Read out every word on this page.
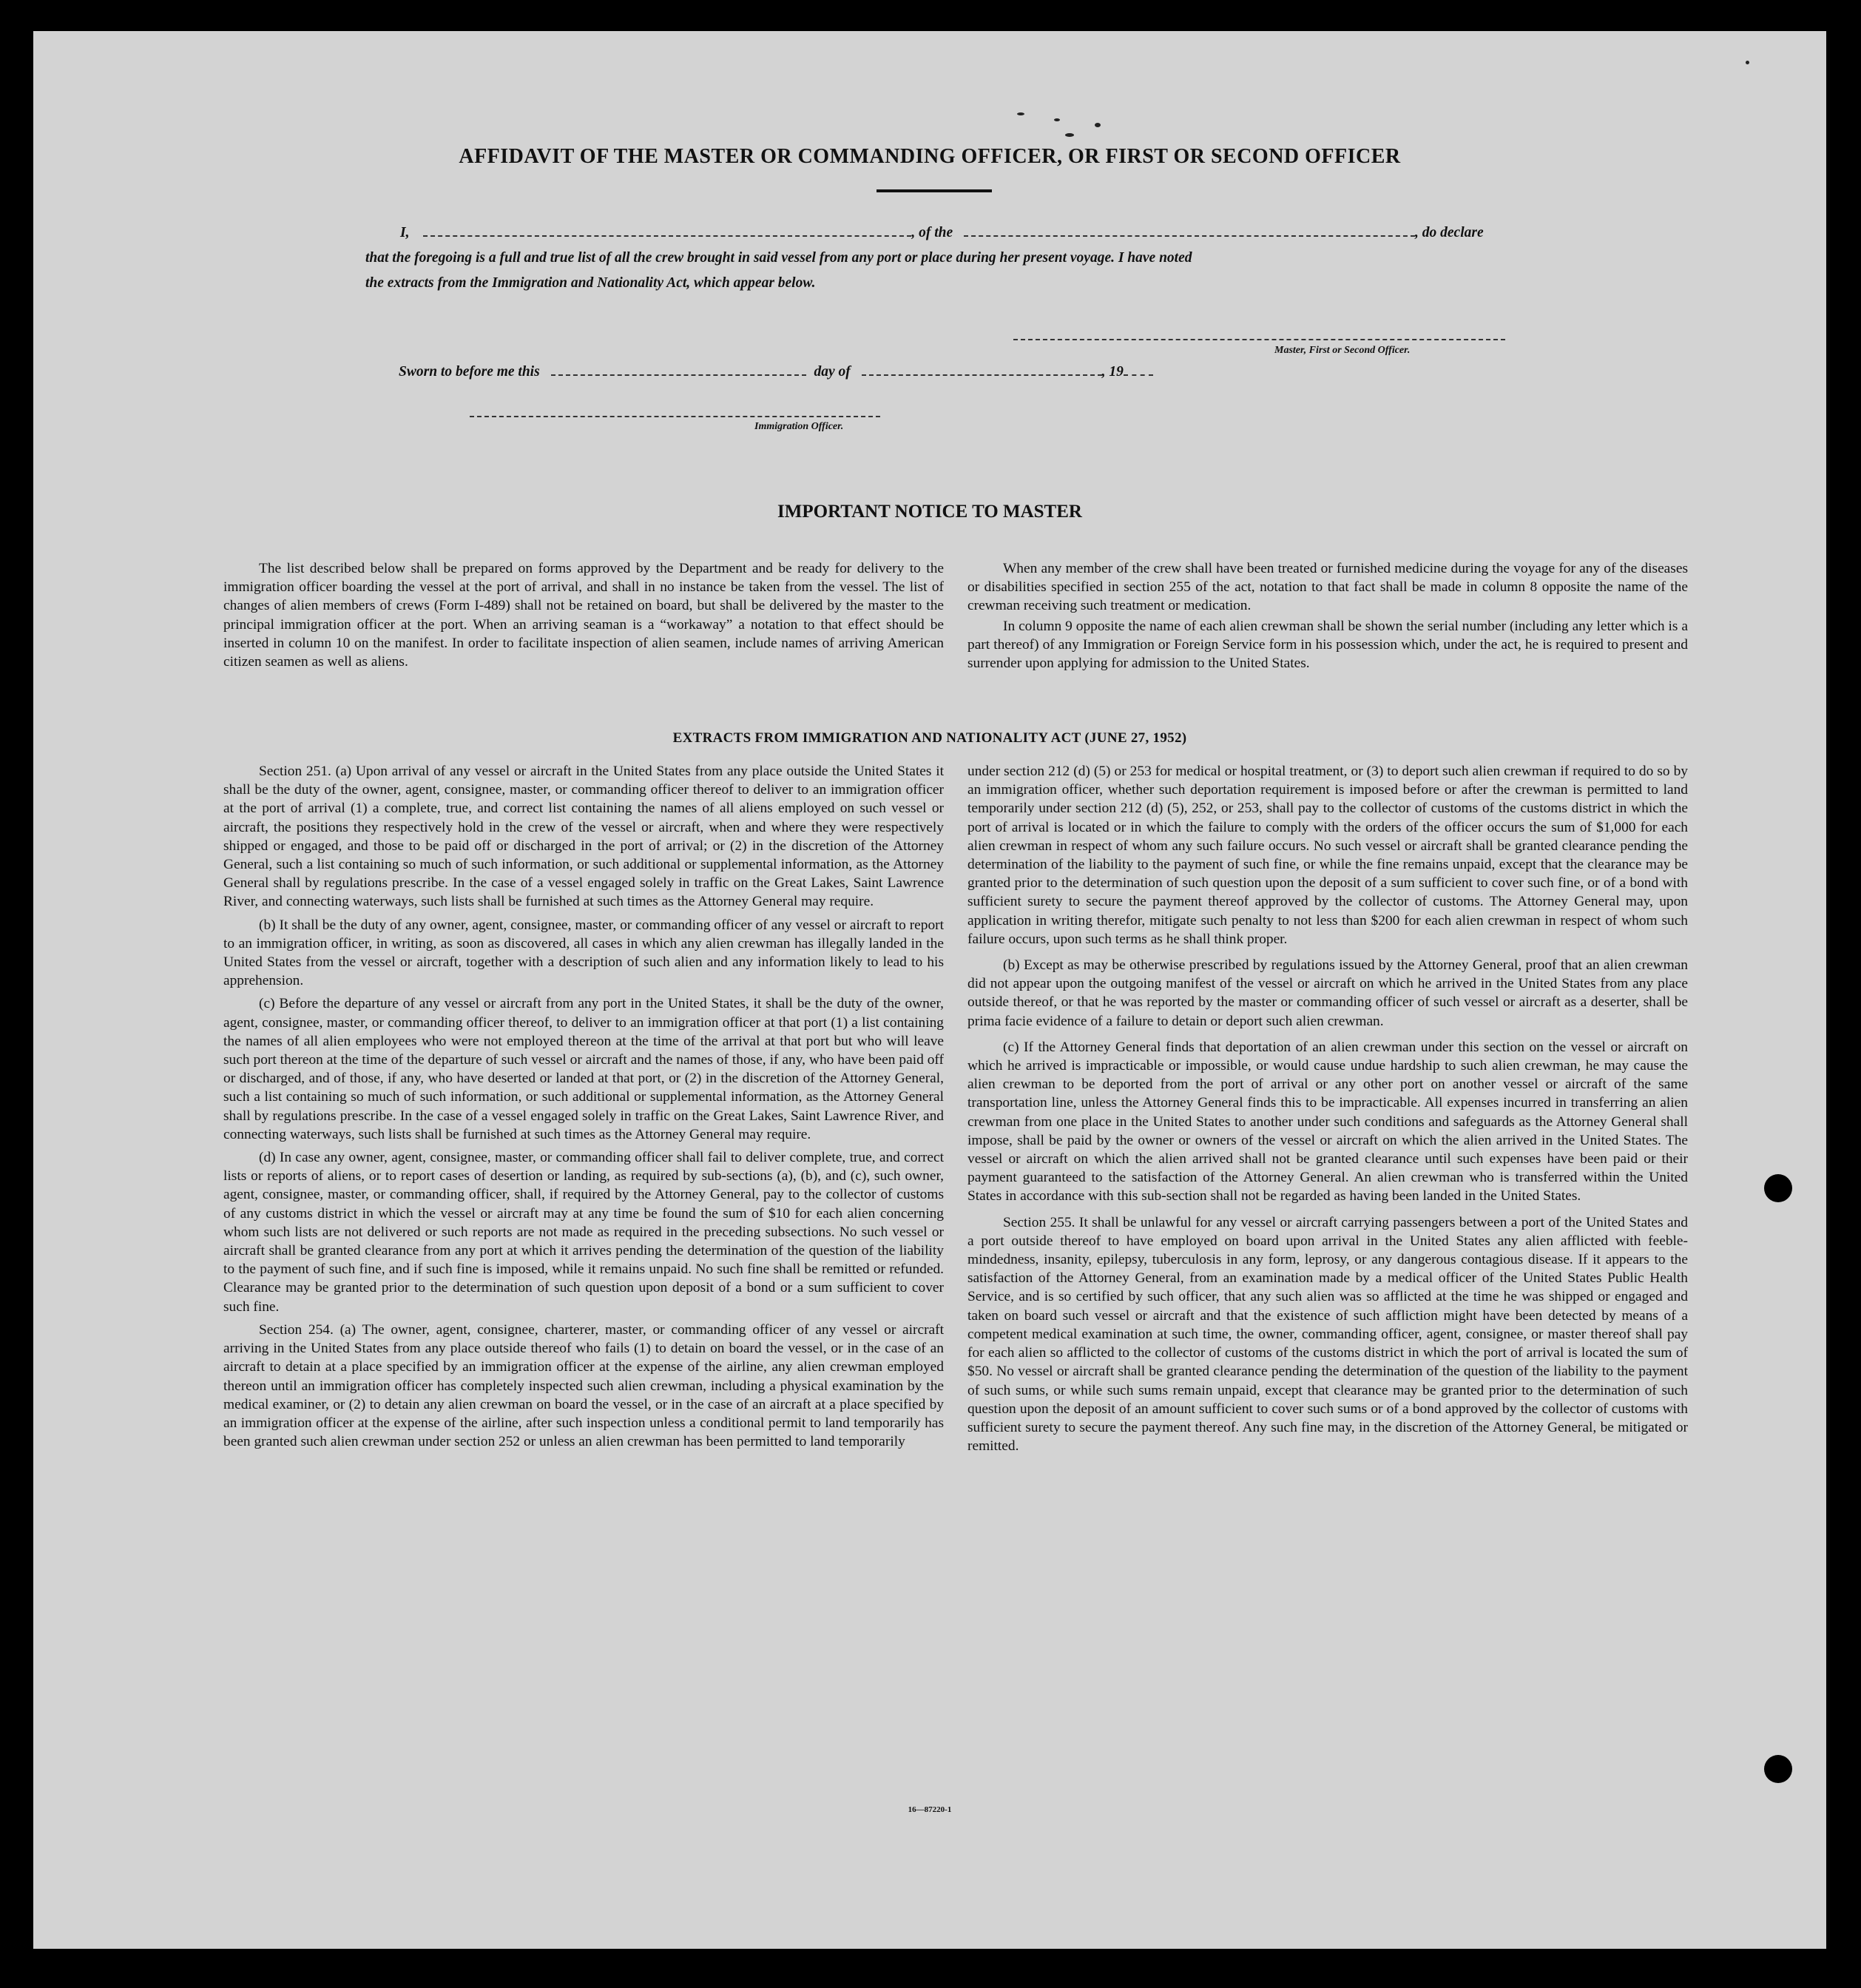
AFFIDAVIT OF THE MASTER OR COMMANDING OFFICER, OR FIRST OR SECOND OFFICER
I,	, of the	, do declare
that the foregoing is a full and true list of all the crew brought in said vessel from any port or place during her present voyage. I have noted
the extracts from the Immigration and Nationality Act, which appear below.
Master, First or Second Officer.
Sworn to before me this	day of	, 19
Immigration Officer.
IMPORTANT NOTICE TO MASTER

The list described below shall be prepared on forms approved by the Department and be ready for delivery to the immigration officer boarding the vessel at the port of arrival, and shall in no instance be taken from the vessel. The list of changes of alien members of crews (Form I-489) shall not be retained on board, but shall be delivered by the master to the principal immigration officer at the port. When an arriving seaman is a “workaway” a notation to that effect should be inserted in column 10 on the manifest. In order to facilitate inspection of alien seamen, include names of arriving American citizen seamen as well as aliens.

When any member of the crew shall have been treated or furnished medicine during the voyage for any of the diseases or disabilities specified in section 255 of the act, notation to that fact shall be made in column 8 opposite the name of the crewman receiving such treatment or medication.

In column 9 opposite the name of each alien crewman shall be shown the serial number (including any letter which is a part thereof) of any Immigration or Foreign Service form in his possession which, under the act, he is required to present and surrender upon applying for admission to the United States.

EXTRACTS FROM IMMIGRATION AND NATIONALITY ACT (JUNE 27, 1952)

Section 251. (a) Upon arrival of any vessel or aircraft in the United States from any place outside the United States it shall be the duty of the owner, agent, consignee, master, or commanding officer thereof to deliver to an immigration officer at the port of arrival (1) a complete, true, and correct list containing the names of all aliens employed on such vessel or aircraft, the positions they respectively hold in the crew of the vessel or aircraft, when and where they were respectively shipped or engaged, and those to be paid off or discharged in the port of arrival; or (2) in the discretion of the Attorney General, such a list containing so much of such information, or such additional or supplemental information, as the Attorney General shall by regulations prescribe. In the case of a vessel engaged solely in traffic on the Great Lakes, Saint Lawrence River, and connecting waterways, such lists shall be furnished at such times as the Attorney General may require.

(b) It shall be the duty of any owner, agent, consignee, master, or commanding officer of any vessel or aircraft to report to an immigration officer, in writing, as soon as discovered, all cases in which any alien crewman has illegally landed in the United States from the vessel or aircraft, together with a description of such alien and any information likely to lead to his apprehension.

(c) Before the departure of any vessel or aircraft from any port in the United States, it shall be the duty of the owner, agent, consignee, master, or commanding officer thereof, to deliver to an immigration officer at that port (1) a list containing the names of all alien employees who were not employed thereon at the time of the arrival at that port but who will leave such port thereon at the time of the departure of such vessel or aircraft and the names of those, if any, who have been paid off or discharged, and of those, if any, who have deserted or landed at that port, or (2) in the discretion of the Attorney General, such a list containing so much of such information, or such additional or supplemental information, as the Attorney General shall by regulations prescribe. In the case of a vessel engaged solely in traffic on the Great Lakes, Saint Lawrence River, and connecting waterways, such lists shall be furnished at such times as the Attorney General may require.

(d) In case any owner, agent, consignee, master, or commanding officer shall fail to deliver complete, true, and correct lists or reports of aliens, or to report cases of desertion or landing, as required by sub-sections (a), (b), and (c), such owner, agent, consignee, master, or commanding officer, shall, if required by the Attorney General, pay to the collector of customs of any customs district in which the vessel or aircraft may at any time be found the sum of $10 for each alien concerning whom such lists are not delivered or such reports are not made as required in the preceding subsections. No such vessel or aircraft shall be granted clearance from any port at which it arrives pending the determination of the question of the liability to the payment of such fine, and if such fine is imposed, while it remains unpaid. No such fine shall be remitted or refunded. Clearance may be granted prior to the determination of such question upon deposit of a bond or a sum sufficient to cover such fine.

Section 254. (a) The owner, agent, consignee, charterer, master, or commanding officer of any vessel or aircraft arriving in the United States from any place outside thereof who fails (1) to detain on board the vessel, or in the case of an aircraft to detain at a place specified by an immigration officer at the expense of the airline, any alien crewman employed thereon until an immigration officer has completely inspected such alien crewman, including a physical examination by the medical examiner, or (2) to detain any alien crewman on board the vessel, or in the case of an aircraft at a place specified by an immigration officer at the expense of the airline, after such inspection unless a conditional permit to land temporarily has been granted such alien crewman under section 252 or unless an alien crewman has been permitted to land temporarily

under section 212 (d) (5) or 253 for medical or hospital treatment, or (3) to deport such alien crewman if required to do so by an immigration officer, whether such deportation requirement is imposed before or after the crewman is permitted to land temporarily under section 212 (d) (5), 252, or 253, shall pay to the collector of customs of the customs district in which the port of arrival is located or in which the failure to comply with the orders of the officer occurs the sum of $1,000 for each alien crewman in respect of whom any such failure occurs. No such vessel or aircraft shall be granted clearance pending the determination of the liability to the payment of such fine, or while the fine remains unpaid, except that the clearance may be granted prior to the determination of such question upon the deposit of a sum sufficient to cover such fine, or of a bond with sufficient surety to secure the payment thereof approved by the collector of customs. The Attorney General may, upon application in writing therefor, mitigate such penalty to not less than $200 for each alien crewman in respect of whom such failure occurs, upon such terms as he shall think proper.

(b) Except as may be otherwise prescribed by regulations issued by the Attorney General, proof that an alien crewman did not appear upon the outgoing manifest of the vessel or aircraft on which he arrived in the United States from any place outside thereof, or that he was reported by the master or commanding officer of such vessel or aircraft as a deserter, shall be prima facie evidence of a failure to detain or deport such alien crewman.

(c) If the Attorney General finds that deportation of an alien crewman under this section on the vessel or aircraft on which he arrived is impracticable or impossible, or would cause undue hardship to such alien crewman, he may cause the alien crewman to be deported from the port of arrival or any other port on another vessel or aircraft of the same transportation line, unless the Attorney General finds this to be impracticable. All expenses incurred in transferring an alien crewman from one place in the United States to another under such conditions and safeguards as the Attorney General shall impose, shall be paid by the owner or owners of the vessel or aircraft on which the alien arrived in the United States. The vessel or aircraft on which the alien arrived shall not be granted clearance until such expenses have been paid or their payment guaranteed to the satisfaction of the Attorney General. An alien crewman who is transferred within the United States in accordance with this sub-section shall not be regarded as having been landed in the United States.

Section 255. It shall be unlawful for any vessel or aircraft carrying passengers between a port of the United States and a port outside thereof to have employed on board upon arrival in the United States any alien afflicted with feeble-mindedness, insanity, epilepsy, tuberculosis in any form, leprosy, or any dangerous contagious disease. If it appears to the satisfaction of the Attorney General, from an examination made by a medical officer of the United States Public Health Service, and is so certified by such officer, that any such alien was so afflicted at the time he was shipped or engaged and taken on board such vessel or aircraft and that the existence of such affliction might have been detected by means of a competent medical examination at such time, the owner, commanding officer, agent, consignee, or master thereof shall pay for each alien so afflicted to the collector of customs of the customs district in which the port of arrival is located the sum of $50. No vessel or aircraft shall be granted clearance pending the determination of the question of the liability to the payment of such sums, or while such sums remain unpaid, except that clearance may be granted prior to the determination of such question upon the deposit of an amount sufficient to cover such sums or of a bond approved by the collector of customs with sufficient surety to secure the payment thereof. Any such fine may, in the discretion of the Attorney General, be mitigated or remitted.

16—87220-1
